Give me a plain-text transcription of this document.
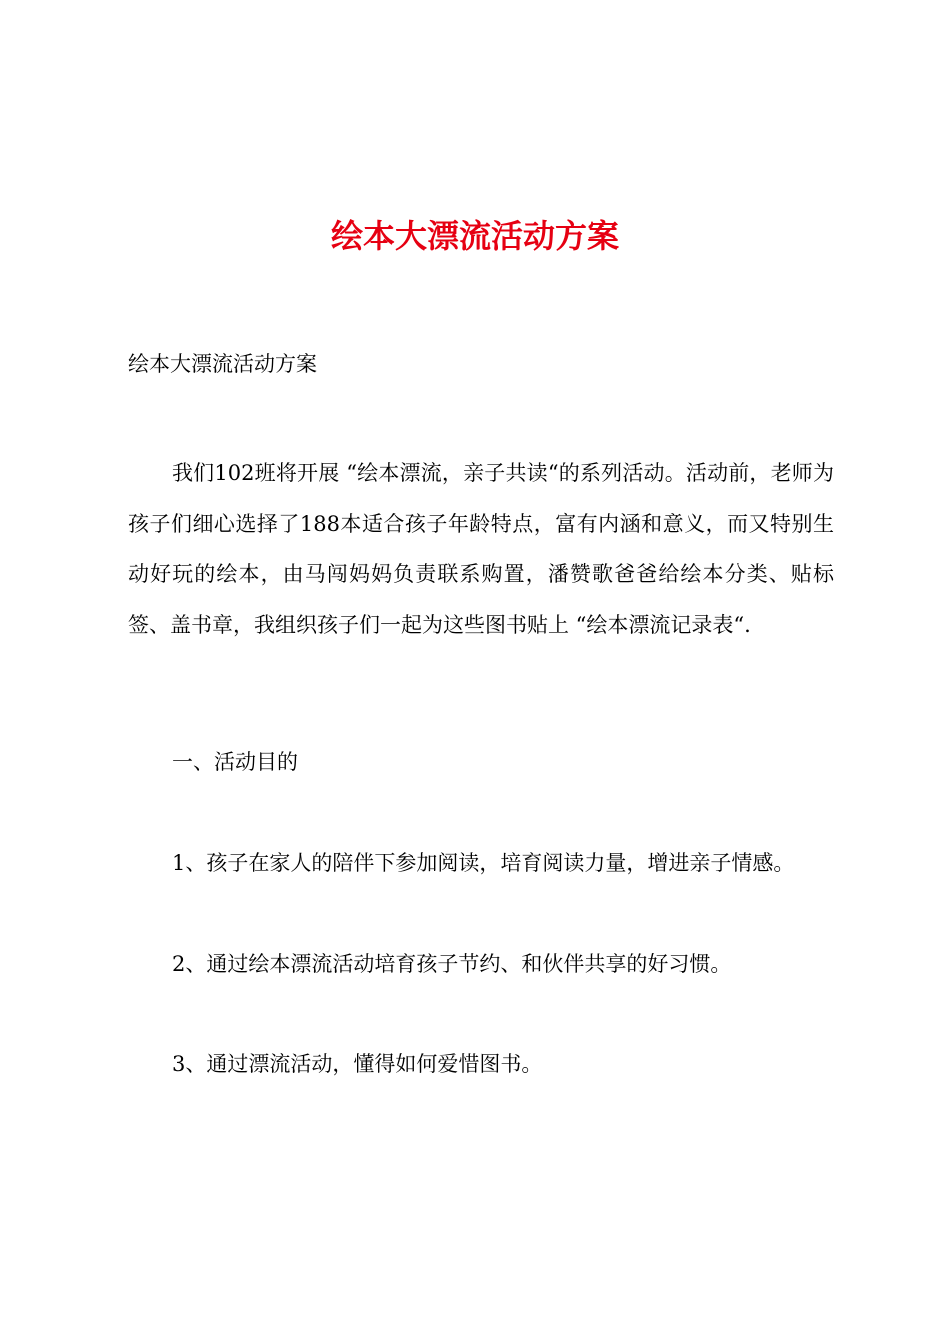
绘本大漂流活动方案

绘本大漂流活动方案

我们102班将开展 “绘本漂流，亲子共读“的系列活动。活动前，老师为孩子们细心选择了188本适合孩子年龄特点，富有内涵和意义，而又特别生动好玩的绘本，由马闯妈妈负责联系购置，潘赞歌爸爸给绘本分类、贴标签、盖书章，我组织孩子们一起为这些图书贴上 “绘本漂流记录表“.

一、活动目的

1、孩子在家人的陪伴下参加阅读，培育阅读力量，增进亲子情感。

2、通过绘本漂流活动培育孩子节约、和伙伴共享的好习惯。

3、通过漂流活动，懂得如何爱惜图书。
